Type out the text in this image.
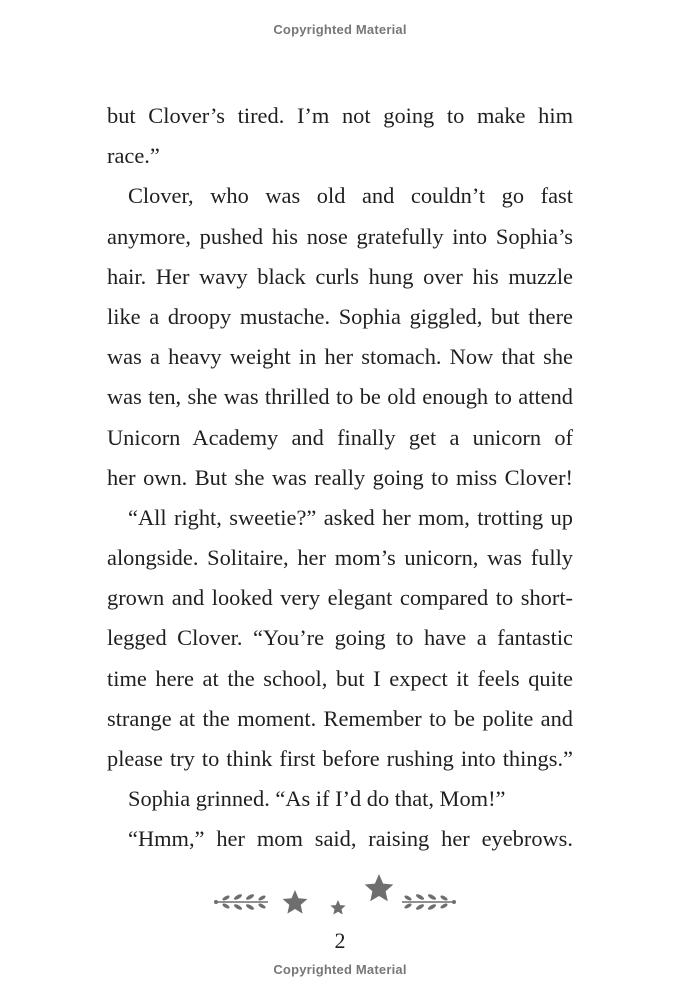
Copyrighted Material
but Clover’s tired. I’m not going to make him
race.”
Clover, who was old and couldn’t go fast
anymore, pushed his nose gratefully into Sophia’s
hair. Her wavy black curls hung over his muzzle
like a droopy mustache. Sophia giggled, but there
was a heavy weight in her stomach. Now that she
was ten, she was thrilled to be old enough to attend
Unicorn Academy and finally get a unicorn of
her own. But she was really going to miss Clover!
“All right, sweetie?” asked her mom, trotting up
alongside. Solitaire, her mom’s unicorn, was fully
grown and looked very elegant compared to short-
legged Clover. “You’re going to have a fantastic
time here at the school, but I expect it feels quite
strange at the moment. Remember to be polite and
please try to think first before rushing into things.”
Sophia grinned. “As if I’d do that, Mom!”
“Hmm,” her mom said, raising her eyebrows.
2
Copyrighted Material
